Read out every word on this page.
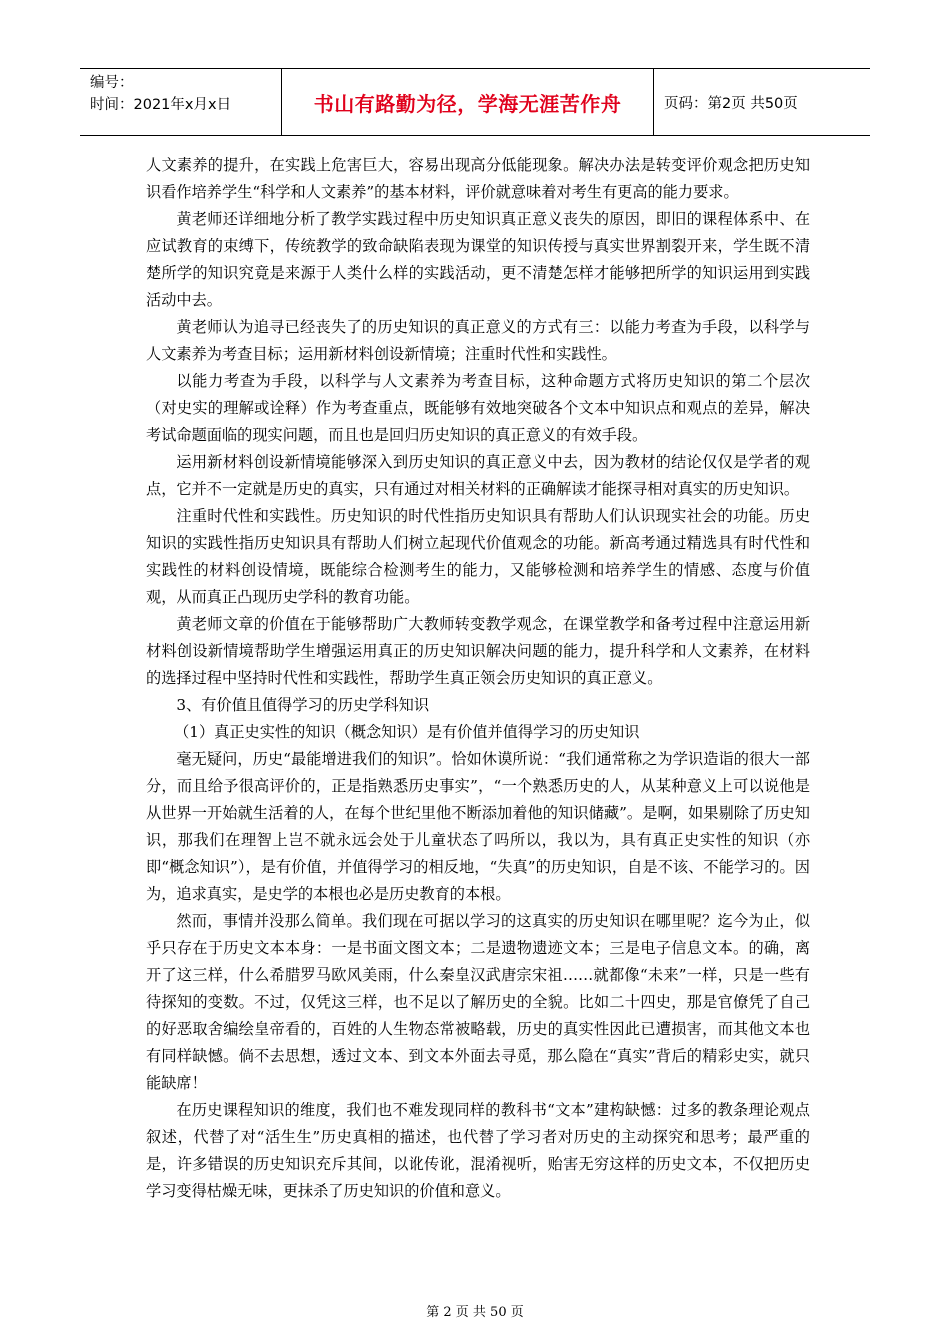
编号：
时间：2021年x月x日	书山有路勤为径，学海无涯苦作舟	页码：第2页 共50页

人文素养的提升，在实践上危害巨大，容易出现高分低能现象。解决办法是转变评价观念把历史知识看作培养学生“科学和人文素养”的基本材料，评价就意味着对考生有更高的能力要求。

黄老师还详细地分析了教学实践过程中历史知识真正意义丧失的原因，即旧的课程体系中、在应试教育的束缚下，传统教学的致命缺陷表现为课堂的知识传授与真实世界割裂开来，学生既不清楚所学的知识究竟是来源于人类什么样的实践活动，更不清楚怎样才能够把所学的知识运用到实践活动中去。

黄老师认为追寻已经丧失了的历史知识的真正意义的方式有三：以能力考查为手段，以科学与人文素养为考查目标；运用新材料创设新情境；注重时代性和实践性。

以能力考查为手段，以科学与人文素养为考查目标，这种命题方式将历史知识的第二个层次（对史实的理解或诠释）作为考查重点，既能够有效地突破各个文本中知识点和观点的差异，解决考试命题面临的现实问题，而且也是回归历史知识的真正意义的有效手段。

运用新材料创设新情境能够深入到历史知识的真正意义中去，因为教材的结论仅仅是学者的观点，它并不一定就是历史的真实，只有通过对相关材料的正确解读才能探寻相对真实的历史知识。

注重时代性和实践性。历史知识的时代性指历史知识具有帮助人们认识现实社会的功能。历史知识的实践性指历史知识具有帮助人们树立起现代价值观念的功能。新高考通过精选具有时代性和实践性的材料创设情境，既能综合检测考生的能力，又能够检测和培养学生的情感、态度与价值观，从而真正凸现历史学科的教育功能。

黄老师文章的价值在于能够帮助广大教师转变教学观念，在课堂教学和备考过程中注意运用新材料创设新情境帮助学生增强运用真正的历史知识解决问题的能力，提升科学和人文素养，在材料的选择过程中坚持时代性和实践性，帮助学生真正领会历史知识的真正意义。

3、有价值且值得学习的历史学科知识

（1）真正史实性的知识（概念知识）是有价值并值得学习的历史知识

毫无疑问，历史“最能增进我们的知识”。恰如休谟所说：“我们通常称之为学识造诣的很大一部分，而且给予很高评价的，正是指熟悉历史事实”，“一个熟悉历史的人，从某种意义上可以说他是从世界一开始就生活着的人，在每个世纪里他不断添加着他的知识储藏”。是啊，如果剔除了历史知识，那我们在理智上岂不就永远会处于儿童状态了吗所以，我以为，具有真正史实性的知识（亦即“概念知识”），是有价值，并值得学习的相反地，“失真”的历史知识，自是不该、不能学习的。因为，追求真实，是史学的本根也必是历史教育的本根。

然而，事情并没那么简单。我们现在可据以学习的这真实的历史知识在哪里呢？迄今为止，似乎只存在于历史文本本身：一是书面文图文本；二是遗物遗迹文本；三是电子信息文本。的确，离开了这三样，什么希腊罗马欧风美雨，什么秦皇汉武唐宗宋祖……就都像“未来”一样，只是一些有待探知的变数。不过，仅凭这三样，也不足以了解历史的全貌。比如二十四史，那是官僚凭了自己的好恶取舍编绘皇帝看的，百姓的人生物态常被略载，历史的真实性因此已遭损害，而其他文本也有同样缺憾。倘不去思想，透过文本、到文本外面去寻觅，那么隐在“真实”背后的精彩史实，就只能缺席！

在历史课程知识的维度，我们也不难发现同样的教科书“文本”建构缺憾：过多的教条理论观点叙述，代替了对“活生生”历史真相的描述，也代替了学习者对历史的主动探究和思考；最严重的是，许多错误的历史知识充斥其间，以讹传讹，混淆视听，贻害无穷这样的历史文本，不仅把历史学习变得枯燥无味，更抹杀了历史知识的价值和意义。

第 2 页 共 50 页
